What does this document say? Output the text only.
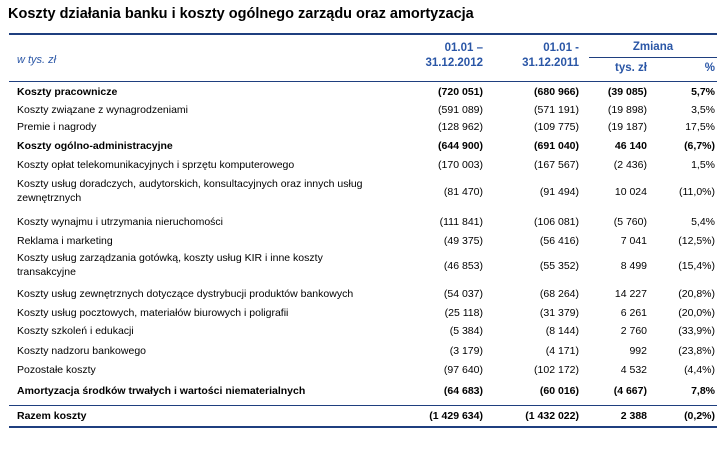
Koszty działania banku i koszty ogólnego zarządu oraz amortyzacja
w tys. zł
01.01 –
31.12.2012
01.01 -
31.12.2011
Zmiana
tys. zł	%
Koszty pracownicze	(720 051)	(680 966)	(39 085)	5,7%
Koszty związane z wynagrodzeniami	(591 089)	(571 191)	(19 898)	3,5%
Premie i nagrody	(128 962)	(109 775)	(19 187)	17,5%
Koszty ogólno-administracyjne	(644 900)	(691 040)	46 140	(6,7%)
Koszty opłat telekomunikacyjnych i sprzętu komputerowego	(170 003)	(167 567)	(2 436)	1,5%
Koszty usług doradczych, audytorskich, konsultacyjnych oraz innych usług zewnętrznych	(81 470)	(91 494)	10 024	(11,0%)
Koszty wynajmu i utrzymania nieruchomości	(111 841)	(106 081)	(5 760)	5,4%
Reklama i marketing	(49 375)	(56 416)	7 041	(12,5%)
Koszty usług zarządzania gotówką, koszty usług KIR i inne koszty transakcyjne	(46 853)	(55 352)	8 499	(15,4%)
Koszty usług zewnętrznych dotyczące dystrybucji produktów bankowych	(54 037)	(68 264)	14 227	(20,8%)
Koszty usług pocztowych, materiałów biurowych i poligrafii	(25 118)	(31 379)	6 261	(20,0%)
Koszty szkoleń i edukacji	(5 384)	(8 144)	2 760	(33,9%)
Koszty nadzoru bankowego	(3 179)	(4 171)	992	(23,8%)
Pozostałe koszty	(97 640)	(102 172)	4 532	(4,4%)
Amortyzacja środków trwałych i wartości niematerialnych	(64 683)	(60 016)	(4 667)	7,8%
Razem koszty	(1 429 634)	(1 432 022)	2 388	(0,2%)
